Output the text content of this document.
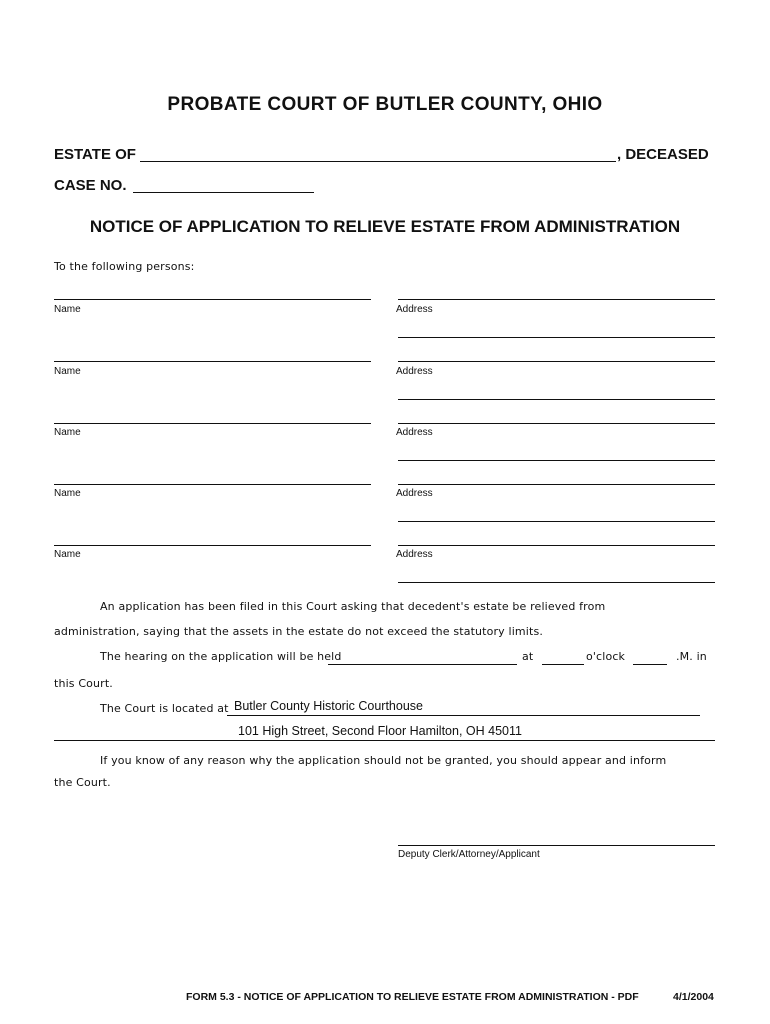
PROBATE COURT OF BUTLER COUNTY, OHIO
ESTATE OF	, DECEASED
CASE NO.
NOTICE OF APPLICATION TO RELIEVE ESTATE FROM ADMINISTRATION
To the following persons:
Name	Address
Name	Address
Name	Address
Name	Address
Name	Address
An application has been filed in this Court asking that decedent's estate be relieved from
administration, saying that the assets in the estate do not exceed the statutory limits.
The hearing on the application will be held	at	o'clock	.M. in
this Court.
The Court is located at Butler County Historic Courthouse
101 High Street, Second Floor Hamilton, OH 45011
If you know of any reason why the application should not be granted, you should appear and inform
the Court.
Deputy Clerk/Attorney/Applicant
FORM 5.3 - NOTICE OF APPLICATION TO RELIEVE ESTATE FROM ADMINISTRATION - PDF	4/1/2004
